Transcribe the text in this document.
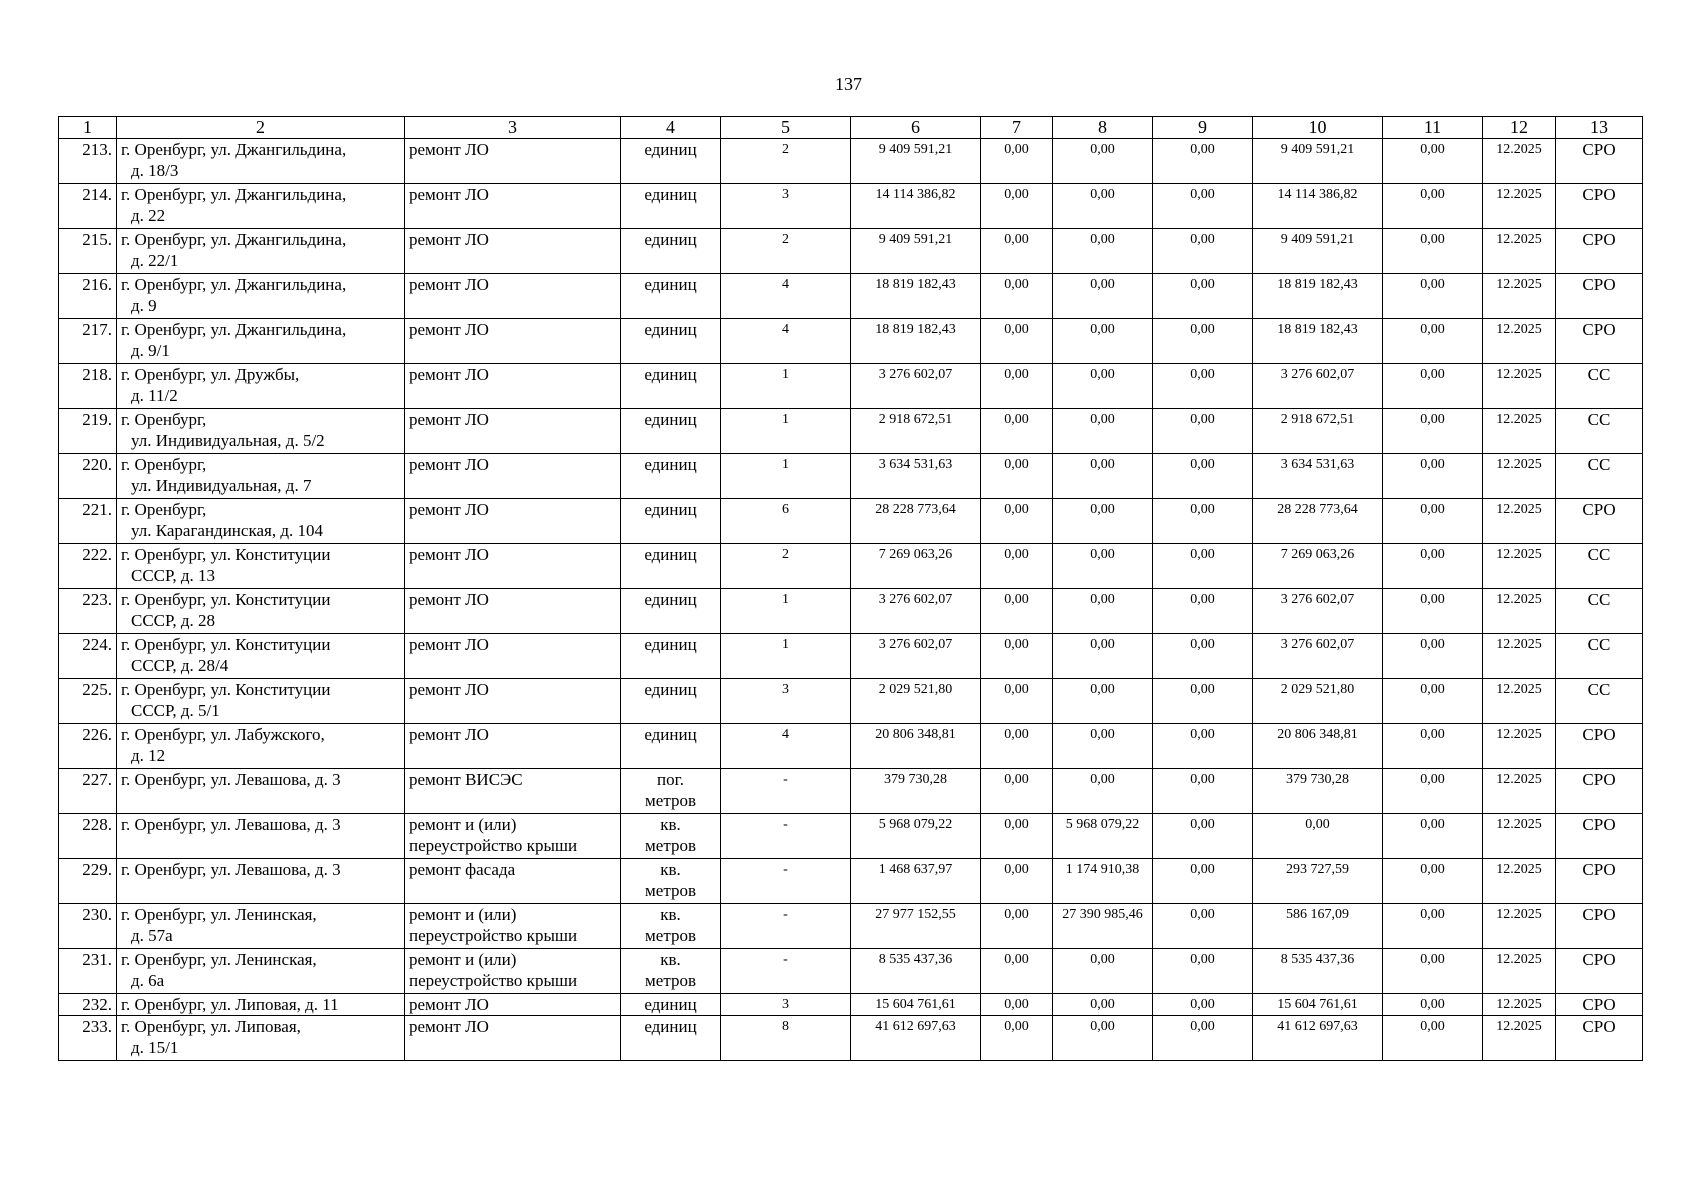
137
1	2	3	4	5	6	7	8	9	10	11	12	13
213.	г. Оренбург, ул. Джангильдина,
д. 18/3	ремонт ЛО	единиц	2	9 409 591,21	0,00	0,00	0,00	9 409 591,21	0,00	12.2025	СРО
214.	г. Оренбург, ул. Джангильдина,
д. 22	ремонт ЛО	единиц	3	14 114 386,82	0,00	0,00	0,00	14 114 386,82	0,00	12.2025	СРО
215.	г. Оренбург, ул. Джангильдина,
д. 22/1	ремонт ЛО	единиц	2	9 409 591,21	0,00	0,00	0,00	9 409 591,21	0,00	12.2025	СРО
216.	г. Оренбург, ул. Джангильдина,
д. 9	ремонт ЛО	единиц	4	18 819 182,43	0,00	0,00	0,00	18 819 182,43	0,00	12.2025	СРО
217.	г. Оренбург, ул. Джангильдина,
д. 9/1	ремонт ЛО	единиц	4	18 819 182,43	0,00	0,00	0,00	18 819 182,43	0,00	12.2025	СРО
218.	г. Оренбург, ул. Дружбы,
д. 11/2	ремонт ЛО	единиц	1	3 276 602,07	0,00	0,00	0,00	3 276 602,07	0,00	12.2025	СС
219.	г. Оренбург,
ул. Индивидуальная, д. 5/2	ремонт ЛО	единиц	1	2 918 672,51	0,00	0,00	0,00	2 918 672,51	0,00	12.2025	СС
220.	г. Оренбург,
ул. Индивидуальная, д. 7	ремонт ЛО	единиц	1	3 634 531,63	0,00	0,00	0,00	3 634 531,63	0,00	12.2025	СС
221.	г. Оренбург,
ул. Карагандинская, д. 104	ремонт ЛО	единиц	6	28 228 773,64	0,00	0,00	0,00	28 228 773,64	0,00	12.2025	СРО
222.	г. Оренбург, ул. Конституции
СССР, д. 13	ремонт ЛО	единиц	2	7 269 063,26	0,00	0,00	0,00	7 269 063,26	0,00	12.2025	СС
223.	г. Оренбург, ул. Конституции
СССР, д. 28	ремонт ЛО	единиц	1	3 276 602,07	0,00	0,00	0,00	3 276 602,07	0,00	12.2025	СС
224.	г. Оренбург, ул. Конституции
СССР, д. 28/4	ремонт ЛО	единиц	1	3 276 602,07	0,00	0,00	0,00	3 276 602,07	0,00	12.2025	СС
225.	г. Оренбург, ул. Конституции
СССР, д. 5/1	ремонт ЛО	единиц	3	2 029 521,80	0,00	0,00	0,00	2 029 521,80	0,00	12.2025	СС
226.	г. Оренбург, ул. Лабужского,
д. 12	ремонт ЛО	единиц	4	20 806 348,81	0,00	0,00	0,00	20 806 348,81	0,00	12.2025	СРО
227.	г. Оренбург, ул. Левашова, д. 3	ремонт ВИСЭС	пог.
метров	-	379 730,28	0,00	0,00	0,00	379 730,28	0,00	12.2025	СРО
228.	г. Оренбург, ул. Левашова, д. 3	ремонт и (или)
переустройство крыши	кв.
метров	-	5 968 079,22	0,00	5 968 079,22	0,00	0,00	0,00	12.2025	СРО
229.	г. Оренбург, ул. Левашова, д. 3	ремонт фасада	кв.
метров	-	1 468 637,97	0,00	1 174 910,38	0,00	293 727,59	0,00	12.2025	СРО
230.	г. Оренбург, ул. Ленинская,
д. 57а	ремонт и (или)
переустройство крыши	кв.
метров	-	27 977 152,55	0,00	27 390 985,46	0,00	586 167,09	0,00	12.2025	СРО
231.	г. Оренбург, ул. Ленинская,
д. 6а	ремонт и (или)
переустройство крыши	кв.
метров	-	8 535 437,36	0,00	0,00	0,00	8 535 437,36	0,00	12.2025	СРО
232.	г. Оренбург, ул. Липовая, д. 11	ремонт ЛО	единиц	3	15 604 761,61	0,00	0,00	0,00	15 604 761,61	0,00	12.2025	СРО
233.	г. Оренбург, ул. Липовая,
д. 15/1	ремонт ЛО	единиц	8	41 612 697,63	0,00	0,00	0,00	41 612 697,63	0,00	12.2025	СРО
